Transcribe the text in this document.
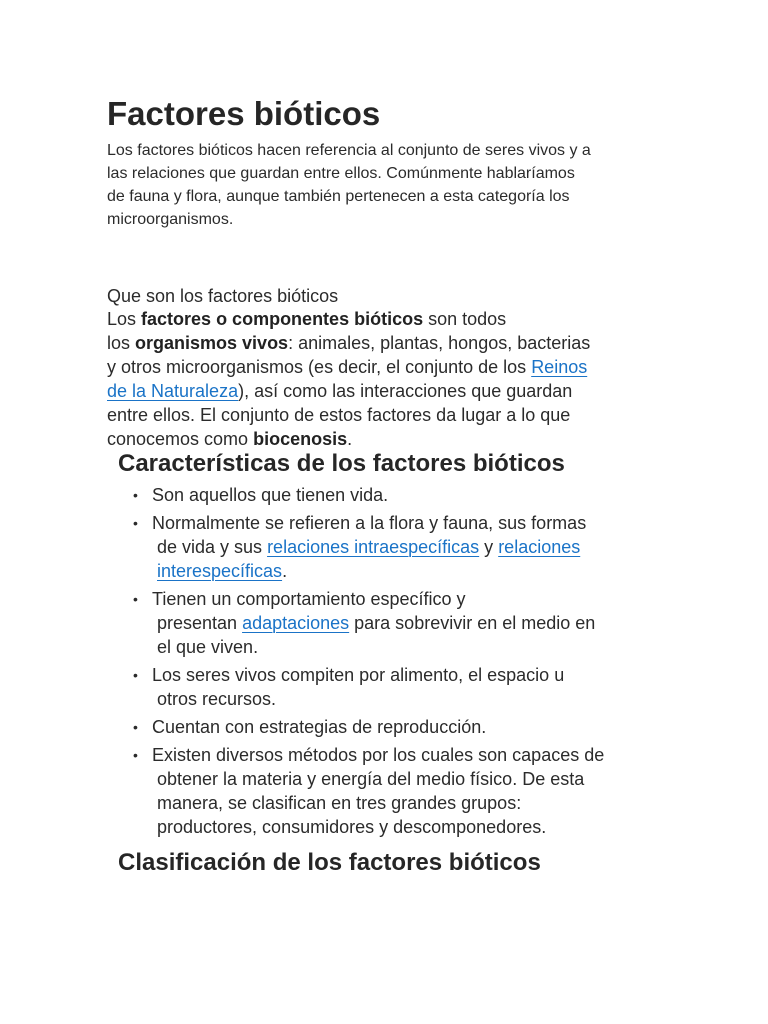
Factores bióticos

Los factores bióticos hacen referencia al conjunto de seres vivos y a
las relaciones que guardan entre ellos. Comúnmente hablaríamos
de fauna y flora, aunque también pertenecen a esta categoría los
microorganismos.

Que son los factores bióticos

Los factores o componentes bióticos son todos
los organismos vivos: animales, plantas, hongos, bacterias
y otros microorganismos (es decir, el conjunto de los Reinos
de la Naturaleza), así como las interacciones que guardan
entre ellos. El conjunto de estos factores da lugar a lo que
conocemos como biocenosis.

Características de los factores bióticos
• Son aquellos que tienen vida.
• Normalmente se refieren a la flora y fauna, sus formas
de vida y sus relaciones intraespecíficas y relaciones
interespecíficas.
• Tienen un comportamiento específico y
presentan adaptaciones para sobrevivir en el medio en
el que viven.
• Los seres vivos compiten por alimento, el espacio u
otros recursos.
• Cuentan con estrategias de reproducción.
• Existen diversos métodos por los cuales son capaces de
obtener la materia y energía del medio físico. De esta
manera, se clasifican en tres grandes grupos:
productores, consumidores y descomponedores.
Clasificación de los factores bióticos
